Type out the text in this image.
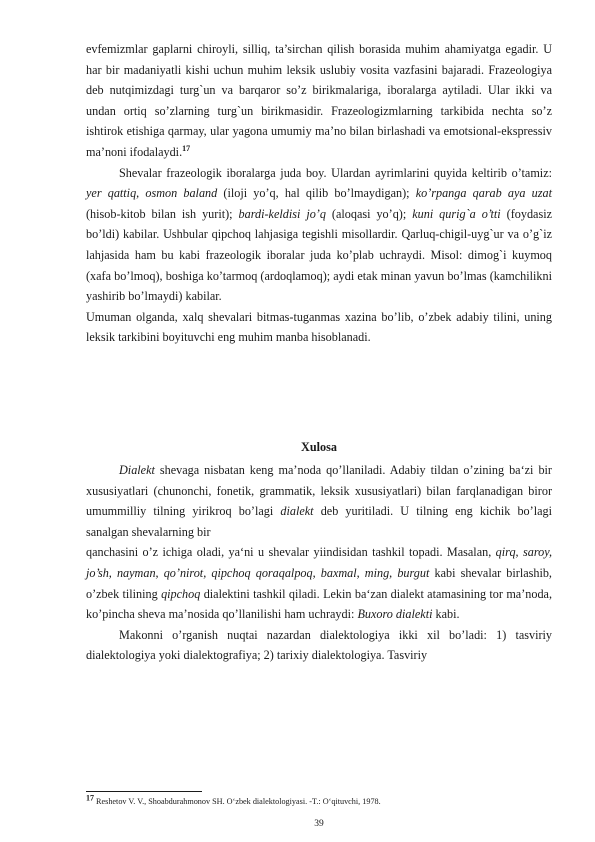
evfemizmlar gaplarni chiroyli, silliq, ta’sirchan qilish borasida muhim ahamiyatga egadir. U har bir madaniyatli kishi uchun muhim leksik uslubiy vosita vazfasini bajaradi. Frazeologiya deb nutqimizdagi turg`un va barqaror so’z birikmalariga, iboralarga aytiladi. Ular ikki va undan ortiq so’zlarning turg`un birikmasidir. Frazeologizmlarning tarkibida nechta so’z ishtirok etishiga qarmay, ular yagona umumiy ma’no bilan birlashadi va emotsional-ekspressiv ma’noni ifodalaydi.$^{17}$

Shevalar frazeologik iboralarga juda boy. Ulardan ayrimlarini quyida keltirib o’tamiz: yer qattiq, osmon baland (iloji yo’q, hal qilib bo’lmaydigan); ko’rpanga qarab aya uzat (hisob-kitob bilan ish yurit); bardi-keldisi jo’q (aloqasi yo’q); kuni qurig`a o’tti (foydasiz bo’ldi) kabilar. Ushbular qipchoq lahjasiga tegishli misollardir. Qarluq-chigil-uyg`ur va o’g`iz lahjasida ham bu kabi frazeologik iboralar juda ko’plab uchraydi. Misol: dimog`i kuymoq (xafa bo’lmoq), boshiga ko’tarmoq (ardoqlamoq); aydi etak minan yavun bo’lmas (kamchilikni yashirib bo’lmaydi) kabilar.

Umuman olganda, xalq shevalari bitmas-tuganmas xazina bo’lib, o’zbek adabiy tilini, uning leksik tarkibini boyituvchi eng muhim manba hisoblanadi.

Xulosa

Dialekt shevaga nisbatan keng ma’noda qo’llaniladi. Adabiy tildan o’zining ba‘zi bir xususiyatlari (chunonchi, fonetik, grammatik, leksik xususiyatlari) bilan farqlanadigan biror umummilliy tilning yirikroq bo’lagi dialekt deb yuritiladi. U tilning eng kichik bo’lagi sanalgan shevalarning bir

qanchasini o’z ichiga oladi, ya‘ni u shevalar yiindisidan tashkil topadi. Masalan, qirq, saroy, jo’sh, nayman, qo’nirot, qipchoq qoraqalpoq, baxmal, ming, burgut kabi shevalar birlashib, o’zbek tilining qipchoq dialektini tashkil qiladi. Lekin ba‘zan dialekt atamasining tor ma’noda, ko’pincha sheva ma’nosida qo’llanilishi ham uchraydi: Buxoro dialekti kabi.

Makonni o’rganish nuqtai nazardan dialektologiya ikki xil bo’ladi: 1) tasviriy dialektologiya yoki dialektografiya; 2) tarixiy dialektologiya. Tasviriy

$^{17}$ Reshetov V. V., Shoabdurahmonov SH. O‘zbek dialektologiyasi. -T.: O‘qituvchi, 1978.
39
